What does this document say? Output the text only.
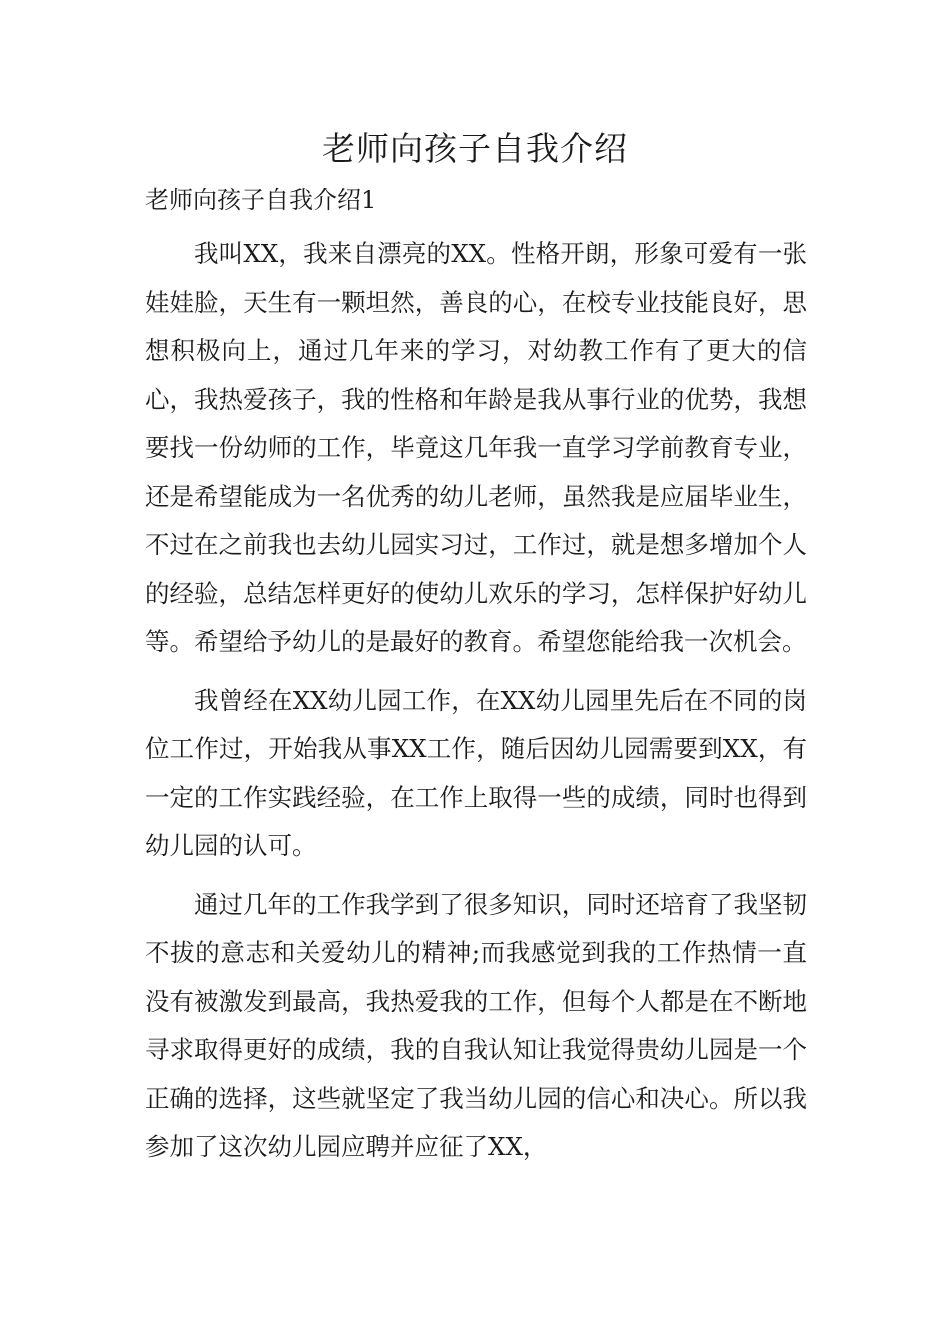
老师向孩子自我介绍
老师向孩子自我介绍1

我叫XX，我来自漂亮的XX。性格开朗，形象可爱有一张娃娃脸，天生有一颗坦然，善良的心，在校专业技能良好，思想积极向上，通过几年来的学习，对幼教工作有了更大的信心，我热爱孩子，我的性格和年龄是我从事行业的优势，我想要找一份幼师的工作，毕竟这几年我一直学习学前教育专业，还是希望能成为一名优秀的幼儿老师，虽然我是应届毕业生，不过在之前我也去幼儿园实习过，工作过，就是想多增加个人的经验，总结怎样更好的使幼儿欢乐的学习，怎样保护好幼儿等。希望给予幼儿的是最好的教育。希望您能给我一次机会。

我曾经在XX幼儿园工作，在XX幼儿园里先后在不同的岗位工作过，开始我从事XX工作，随后因幼儿园需要到XX，有一定的工作实践经验，在工作上取得一些的成绩，同时也得到幼儿园的认可。

通过几年的工作我学到了很多知识，同时还培育了我坚韧不拔的意志和关爱幼儿的精神;而我感觉到我的工作热情一直没有被激发到最高，我热爱我的工作，但每个人都是在不断地寻求取得更好的成绩，我的自我认知让我觉得贵幼儿园是一个正确的选择，这些就坚定了我当幼儿园的信心和决心。所以我参加了这次幼儿园应聘并应征了XX，
